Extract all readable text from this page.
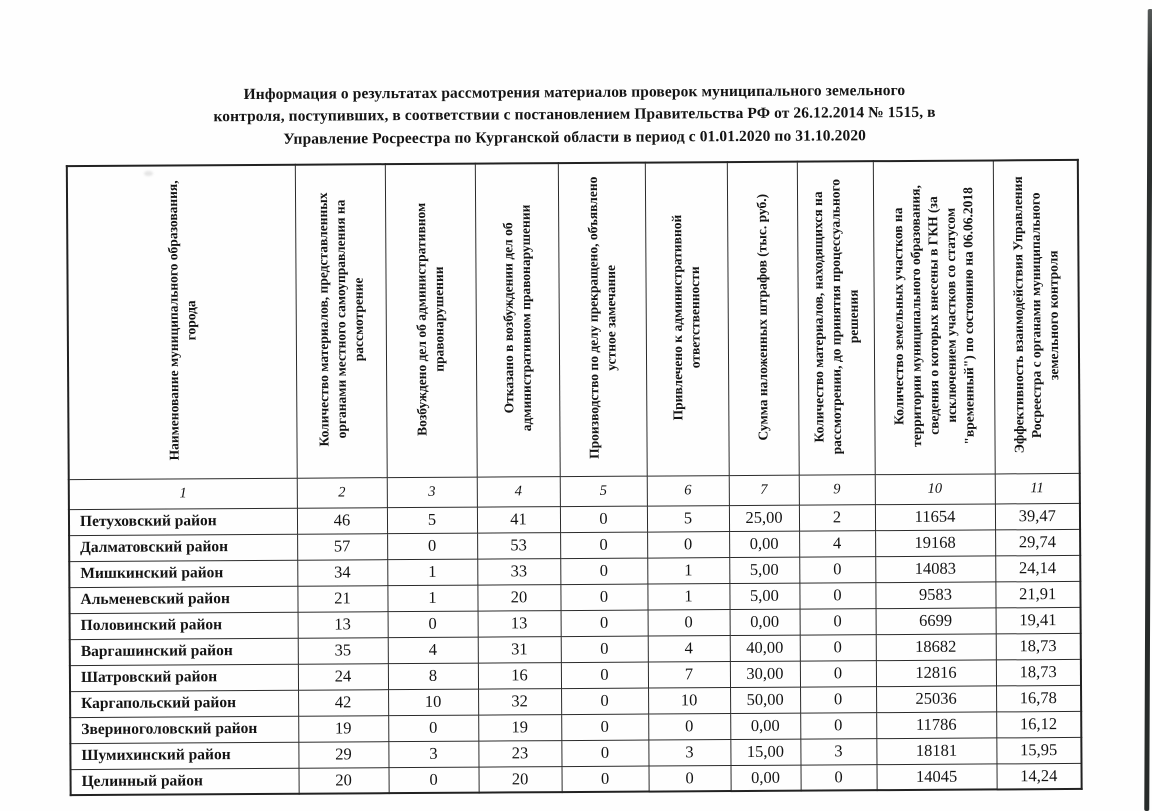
Информация о результатах рассмотрения материалов проверок муниципального земельного
контроля, поступивших, в соответствии с постановлением Правительства РФ от 26.12.2014 № 1515, в
Управление Росреестра по Курганской области в период с 01.01.2020 по 31.10.2020
Наименование муниципального образования, города	Количество материалов, представленных органами местного самоуправления на рассмотрение	Возбуждено дел об административном правонарушении	Отказано в возбуждении дел об административном правонарушении	Производство по делу прекращено, объявлено устное замечание	Привлечено к административной ответственности	Сумма наложенных штрафов (тыс. руб.)	Количество материалов, находящихся на рассмотрении, до принятия процессуального решения	Количество земельных участков на территории муниципального образования, сведения о которых внесены в ГКН (за исключением участков со статусом "временный") по состоянию на 06.06.2018	Эффективность взаимодействия Управления Росреестра с органами муниципального земельного контроля
1	2	3	4	5	6	7	9	10	11
Петуховский район	46	5	41	0	5	25,00	2	11654	39,47
Далматовский район	57	0	53	0	0	0,00	4	19168	29,74
Мишкинский район	34	1	33	0	1	5,00	0	14083	24,14
Альменевский район	21	1	20	0	1	5,00	0	9583	21,91
Половинский район	13	0	13	0	0	0,00	0	6699	19,41
Варгашинский район	35	4	31	0	4	40,00	0	18682	18,73
Шатровский район	24	8	16	0	7	30,00	0	12816	18,73
Каргапольский район	42	10	32	0	10	50,00	0	25036	16,78
Звериноголовский район	19	0	19	0	0	0,00	0	11786	16,12
Шумихинский район	29	3	23	0	3	15,00	3	18181	15,95
Целинный район	20	0	20	0	0	0,00	0	14045	14,24
